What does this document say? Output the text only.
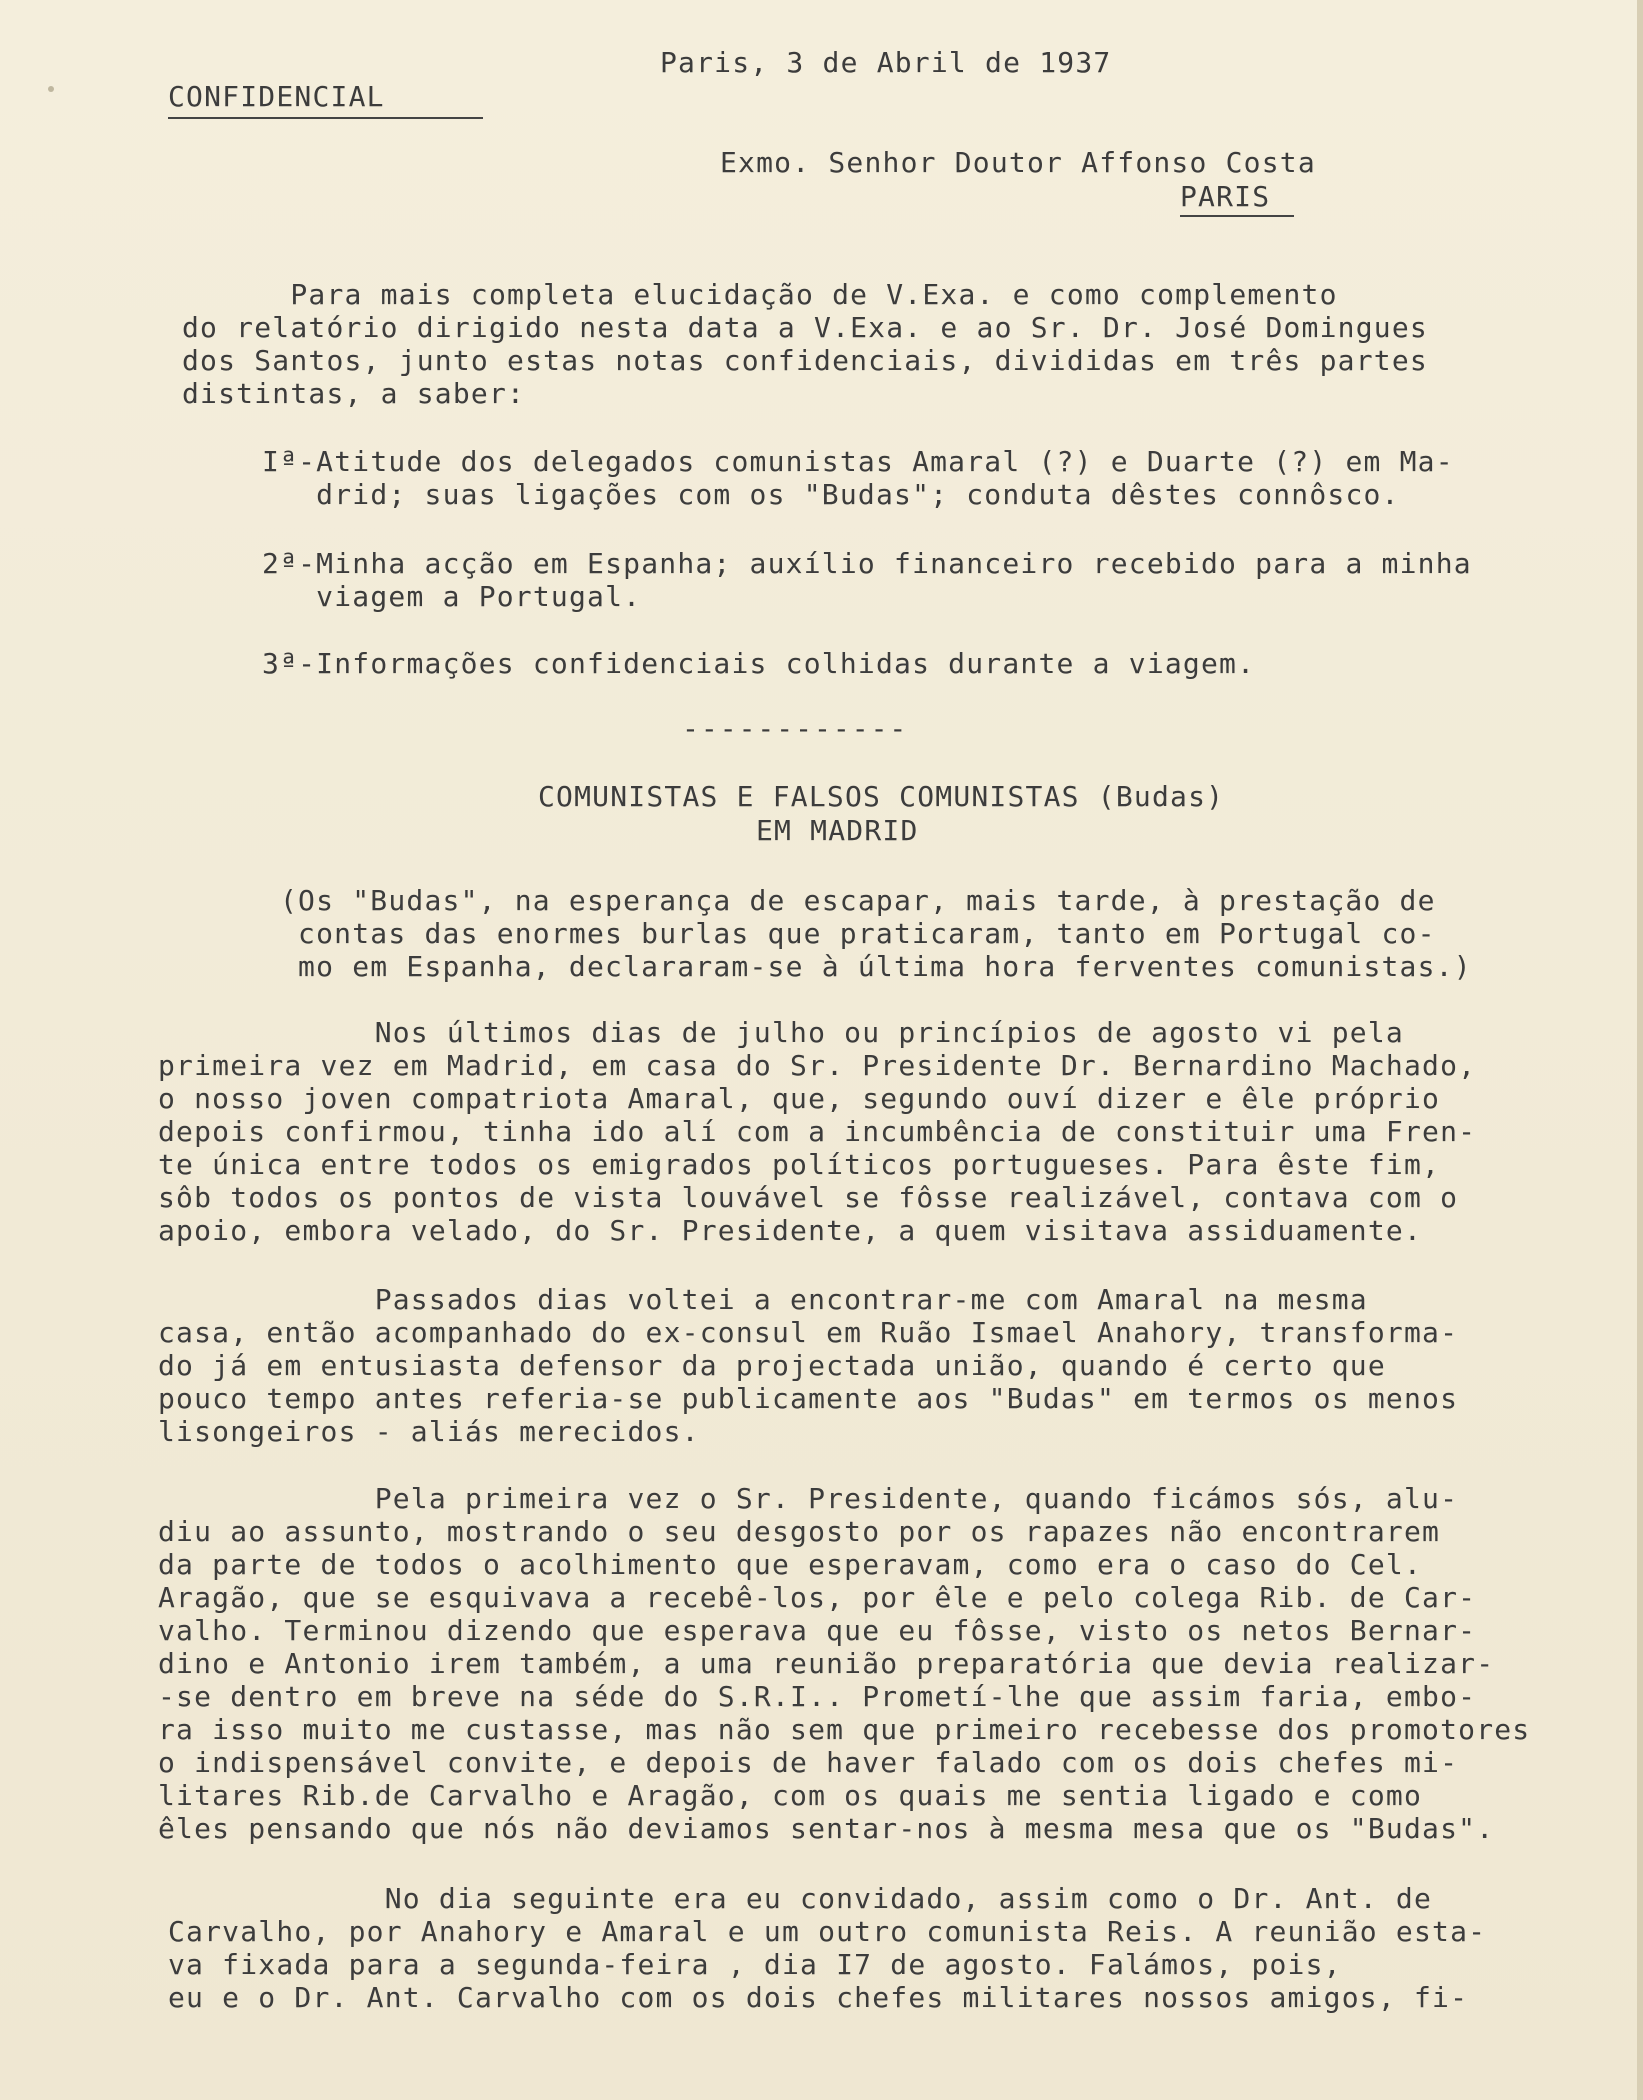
Paris, 3 de Abril de 1937
CONFIDENCIAL
Exmo. Senhor Doutor Affonso Costa
PARIS
Para mais completa elucidação de V.Exa. e como complemento
do relatório dirigido nesta data a V.Exa. e ao Sr. Dr. José Domingues
dos Santos, junto estas notas confidenciais, divididas em três partes
distintas, a saber:
Iª-Atitude dos delegados comunistas Amaral (?) e Duarte (?) em Ma-
drid; suas ligações com os "Budas"; conduta dêstes connôsco.
2ª-Minha acção em Espanha; auxílio financeiro recebido para a minha
viagem a Portugal.
3ª-Informações confidenciais colhidas durante a viagem.
------------
COMUNISTAS E FALSOS COMUNISTAS (Budas)
EM MADRID
(Os "Budas", na esperança de escapar, mais tarde, à prestação de
contas das enormes burlas que praticaram, tanto em Portugal co-
mo em Espanha, declararam-se à última hora ferventes comunistas.)
Nos últimos dias de julho ou princípios de agosto vi pela
primeira vez em Madrid, em casa do Sr. Presidente Dr. Bernardino Machado,
o nosso joven compatriota Amaral, que, segundo ouví dizer e êle próprio
depois confirmou, tinha ido alí com a incumbência de constituir uma Fren-
te única entre todos os emigrados políticos portugueses. Para êste fim,
sôb todos os pontos de vista louvável se fôsse realizável, contava com o
apoio, embora velado, do Sr. Presidente, a quem visitava assiduamente.
Passados dias voltei a encontrar-me com Amaral na mesma
casa, então acompanhado do ex-consul em Ruão Ismael Anahory, transforma-
do já em entusiasta defensor da projectada união, quando é certo que
pouco tempo antes referia-se publicamente aos "Budas" em termos os menos
lisongeiros - aliás merecidos.
Pela primeira vez o Sr. Presidente, quando ficámos sós, alu-
diu ao assunto, mostrando o seu desgosto por os rapazes não encontrarem
da parte de todos o acolhimento que esperavam, como era o caso do Cel.
Aragão, que se esquivava a recebê-los, por êle e pelo colega Rib. de Car-
valho. Terminou dizendo que esperava que eu fôsse, visto os netos Bernar-
dino e Antonio irem também, a uma reunião preparatória que devia realizar-
-se dentro em breve na séde do S.R.I.. Prometí-lhe que assim faria, embo-
ra isso muito me custasse, mas não sem que primeiro recebesse dos promotores
o indispensável convite, e depois de haver falado com os dois chefes mi-
litares Rib.de Carvalho e Aragão, com os quais me sentia ligado e como
êles pensando que nós não deviamos sentar-nos à mesma mesa que os "Budas".
No dia seguinte era eu convidado, assim como o Dr. Ant. de
Carvalho, por Anahory e Amaral e um outro comunista Reis. A reunião esta-
va fixada para a segunda-feira , dia I7 de agosto. Falámos, pois,
eu e o Dr. Ant. Carvalho com os dois chefes militares nossos amigos, fi-
